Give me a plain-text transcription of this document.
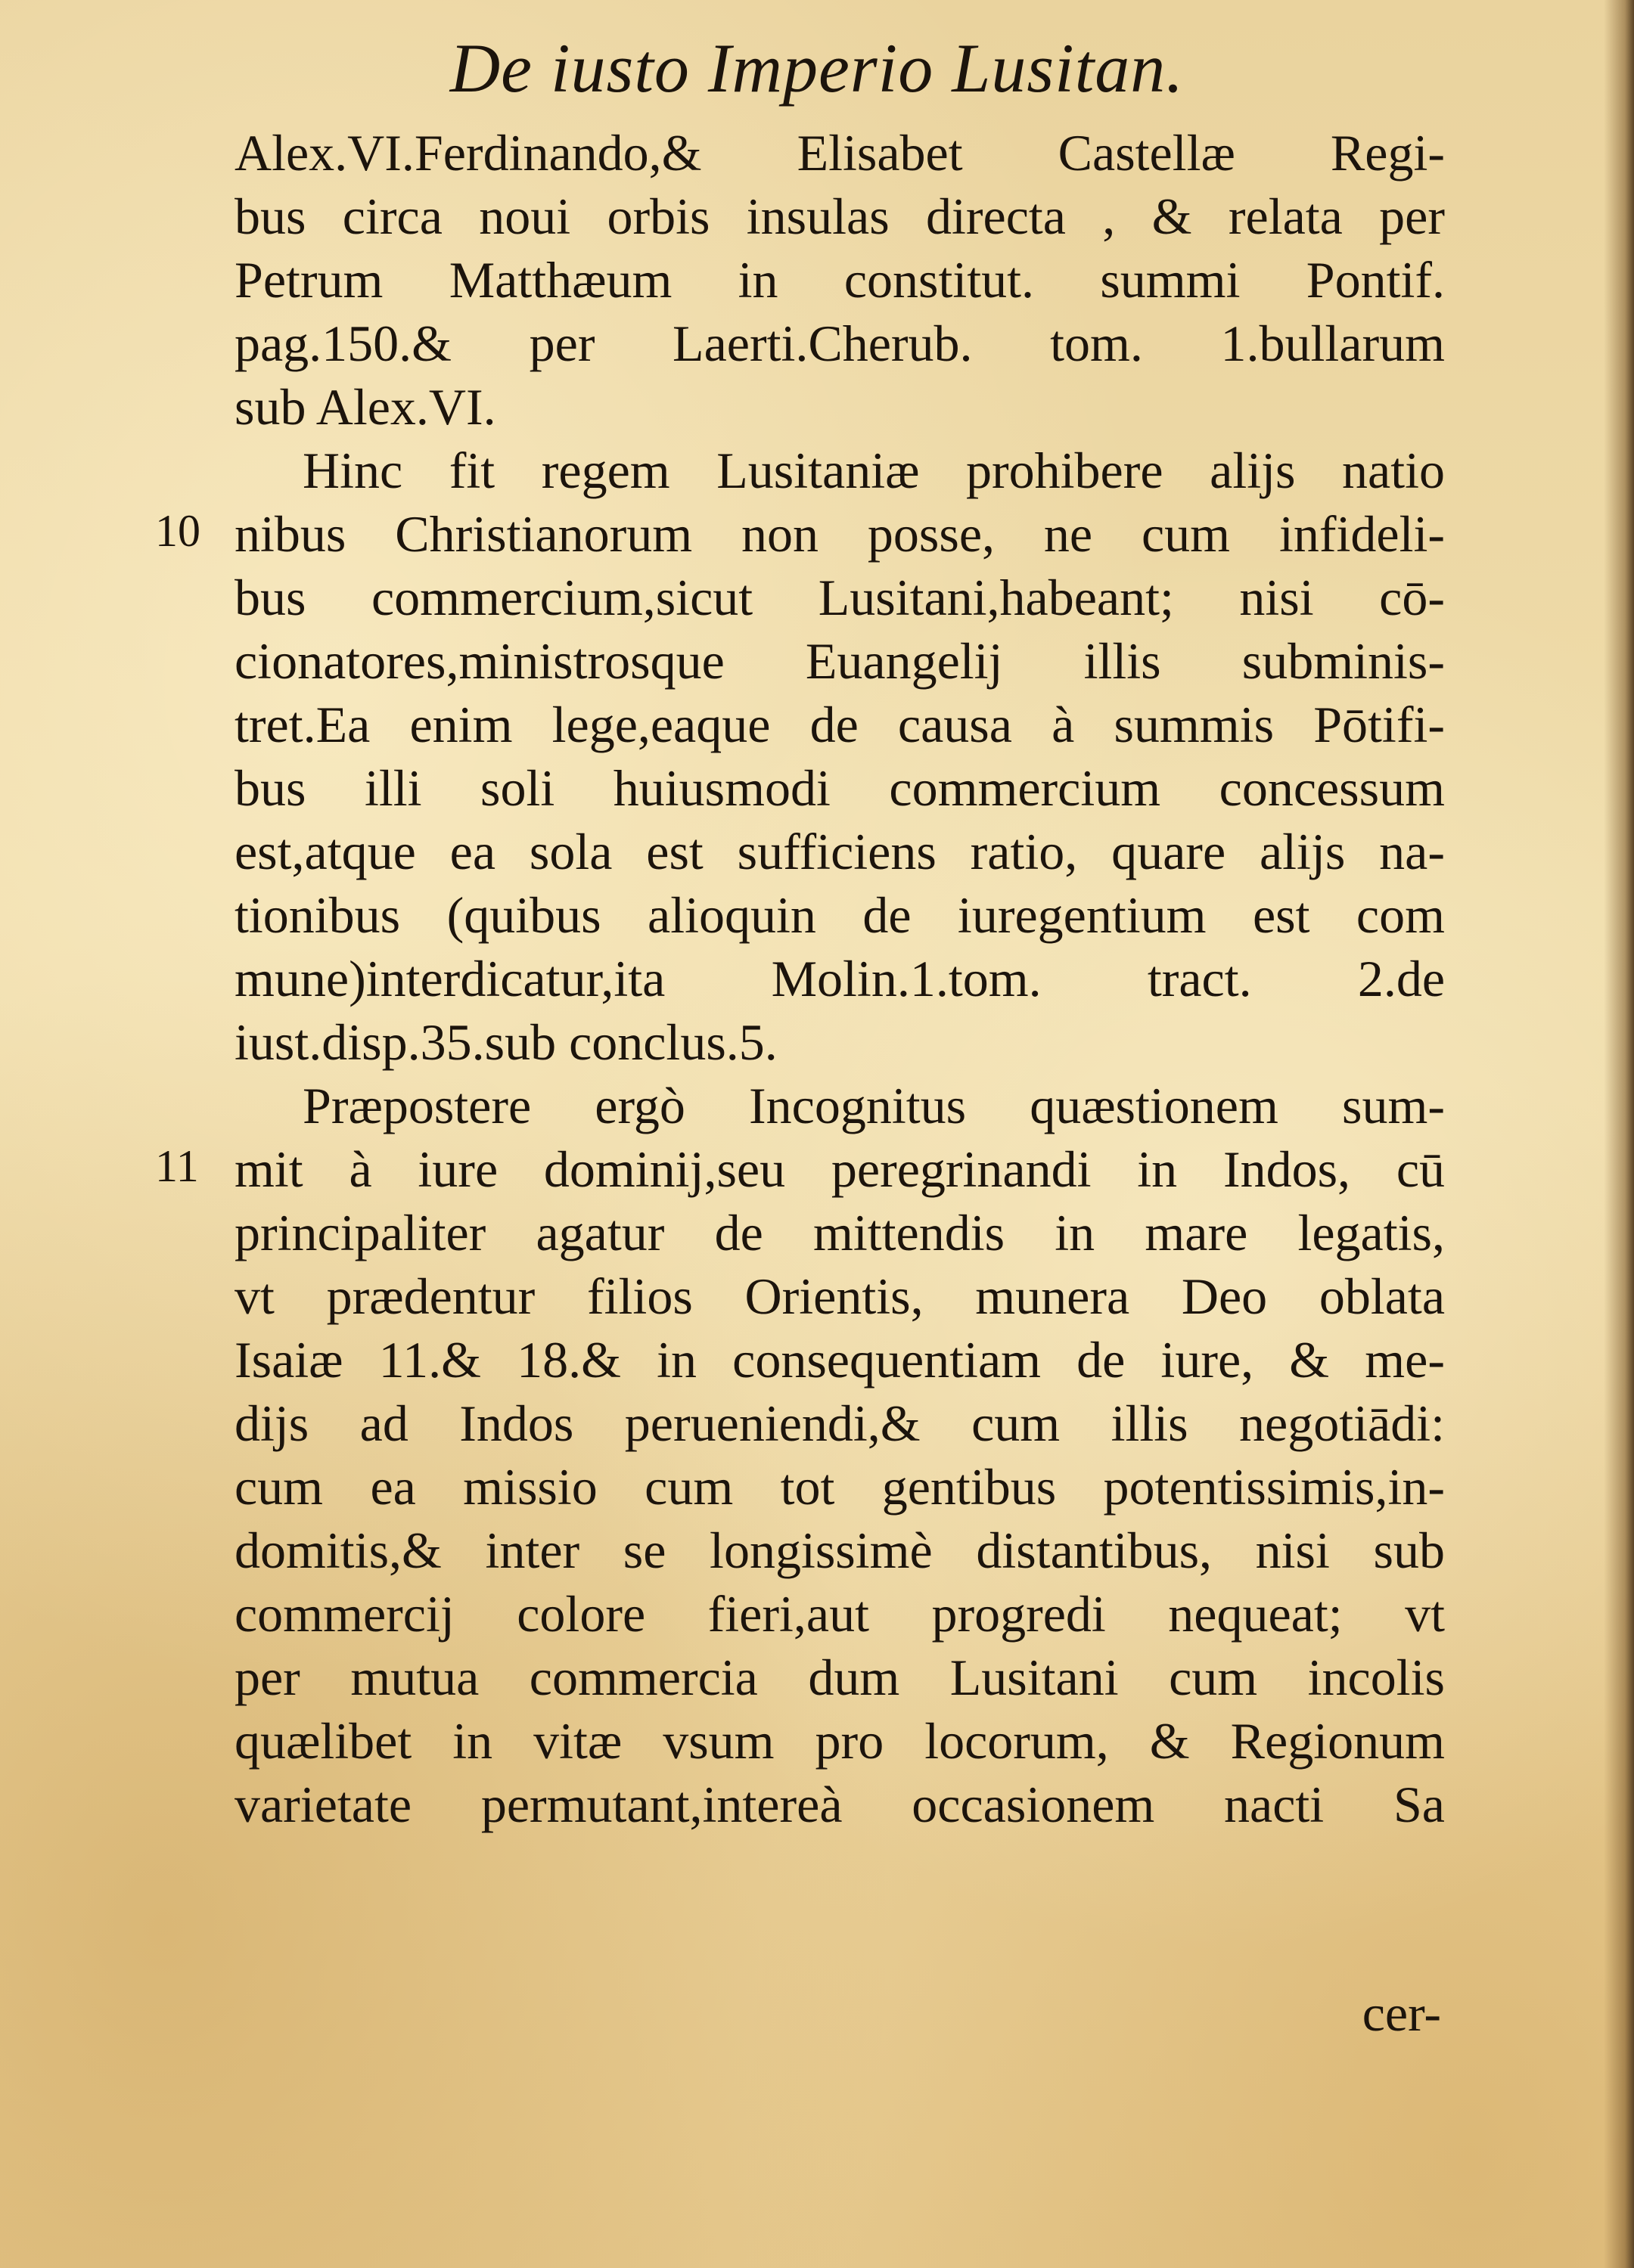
De iusto Imperio Lusitan.
10
11
Alex.VI.Ferdinando,& Elisabet Castellæ Regi-
bus circa noui orbis insulas directa , & relata per
Petrum Matthæum in constitut. summi Pontif.
pag.150.& per Laerti.Cherub. tom. 1.bullarum
sub Alex.VI.
Hinc fit regem Lusitaniæ prohibere alijs natio
nibus Christianorum non posse, ne cum infideli-
bus commercium,sicut Lusitani,habeant; nisi cō-
cionatores,ministrosque Euangelij illis subminis-
tret.Ea enim lege,eaque de causa à summis Pōtifi-
bus illi soli huiusmodi commercium concessum
est,atque ea sola est sufficiens ratio, quare alijs na-
tionibus (quibus alioquin de iuregentium est com
mune)interdicatur,ita Molin.1.tom. tract. 2.de
iust.disp.35.sub conclus.5.
Præpostere ergò Incognitus quæstionem sum-
mit à iure dominij,seu peregrinandi in Indos, cū
principaliter agatur de mittendis in mare legatis,
vt prædentur filios Orientis, munera Deo oblata
Isaiæ 11.& 18.& in consequentiam de iure, & me-
dijs ad Indos perueniendi,& cum illis negotiādi:
cum ea missio cum tot gentibus potentissimis,in-
domitis,& inter se longissimè distantibus, nisi sub
commercij colore fieri,aut progredi nequeat; vt
per mutua commercia dum Lusitani cum incolis
quælibet in vitæ vsum pro locorum, & Regionum
varietate permutant,intereà occasionem nacti Sa
cer-
